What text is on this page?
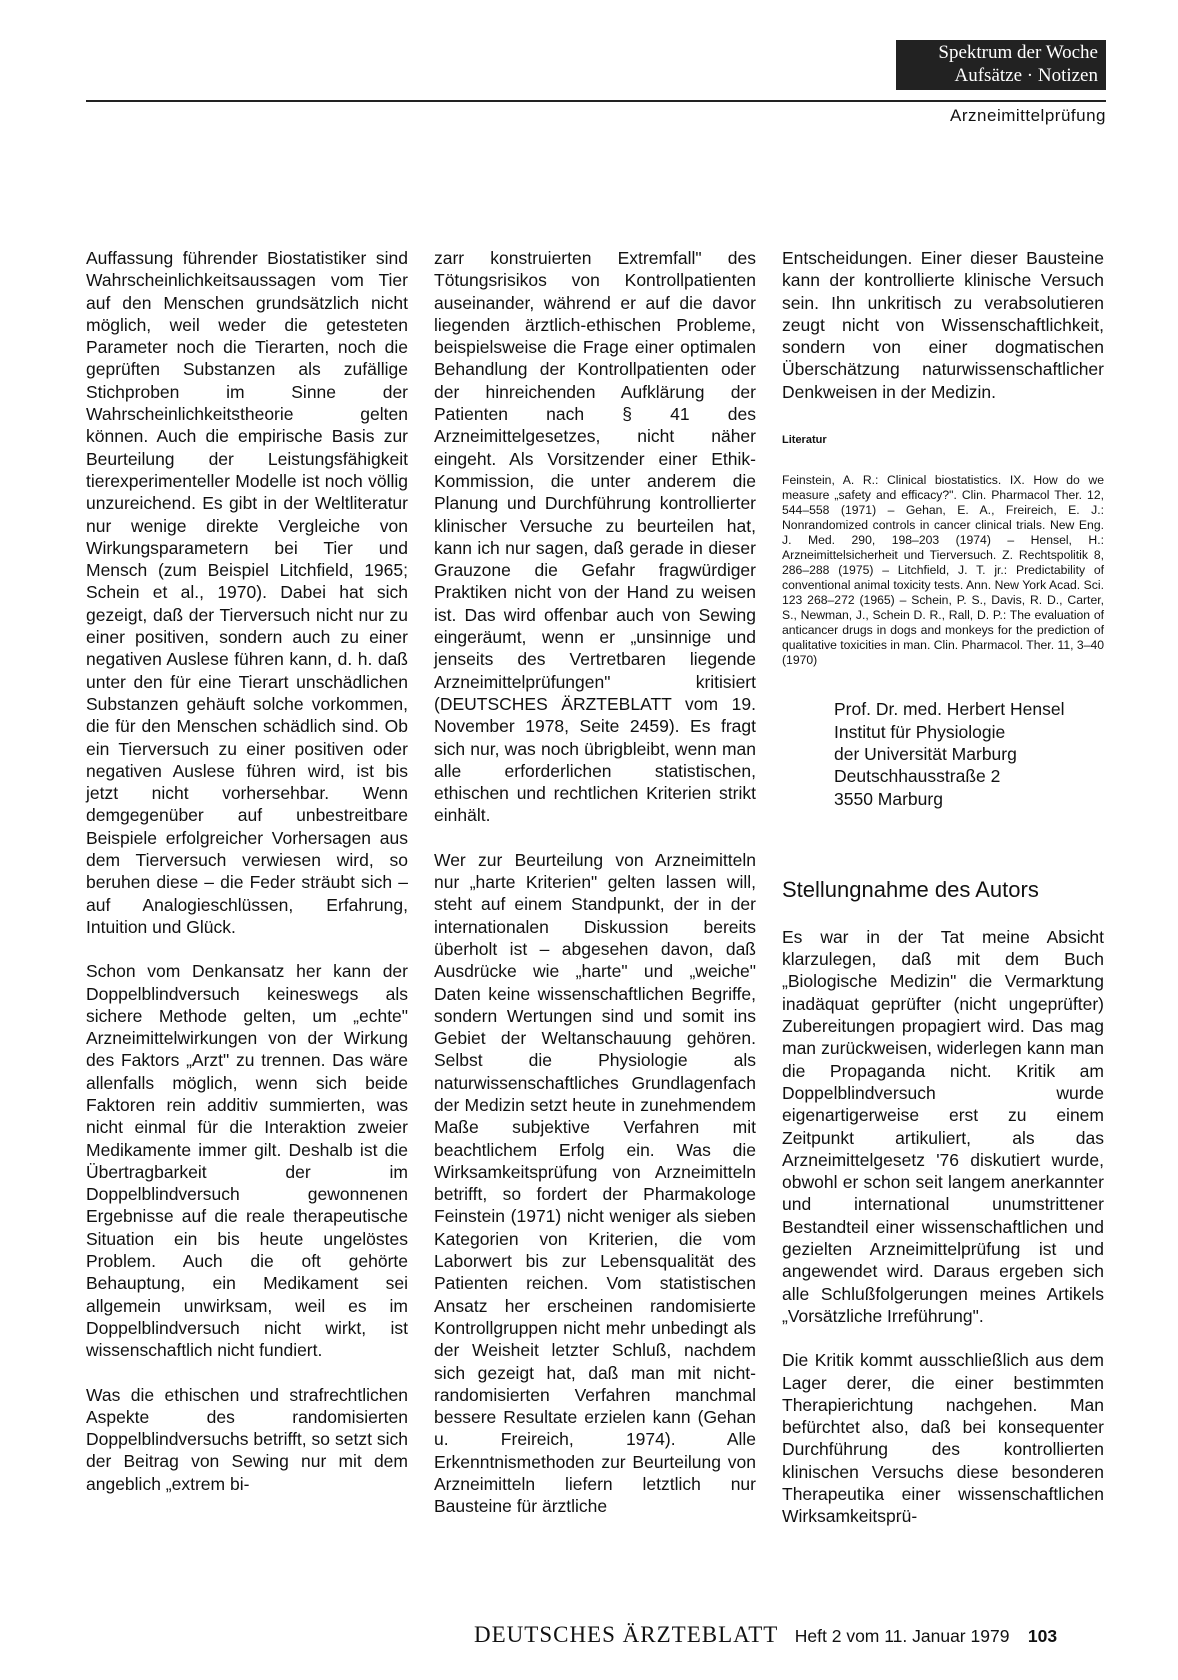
Spektrum der Woche
Aufsätze · Notizen
Arzneimittelprüfung

Auffassung führender Biostatistiker sind Wahrscheinlichkeitsaussagen vom Tier auf den Menschen grundsätzlich nicht möglich, weil weder die getesteten Parameter noch die Tierarten, noch die geprüften Substanzen als zufällige Stichproben im Sinne der Wahrscheinlichkeitstheorie gelten können. Auch die empirische Basis zur Beurteilung der Leistungsfähigkeit tierexperimenteller Modelle ist noch völlig unzureichend. Es gibt in der Weltliteratur nur wenige direkte Vergleiche von Wirkungsparametern bei Tier und Mensch (zum Beispiel Litchfield, 1965; Schein et al., 1970). Dabei hat sich gezeigt, daß der Tierversuch nicht nur zu einer positiven, sondern auch zu einer negativen Auslese führen kann, d. h. daß unter den für eine Tierart unschädlichen Substanzen gehäuft solche vorkommen, die für den Menschen schädlich sind. Ob ein Tierversuch zu einer positiven oder negativen Auslese führen wird, ist bis jetzt nicht vorhersehbar. Wenn demgegenüber auf unbestreitbare Beispiele erfolgreicher Vorhersagen aus dem Tierversuch verwiesen wird, so beruhen diese – die Feder sträubt sich – auf Analogieschlüssen, Erfahrung, Intuition und Glück.

Schon vom Denkansatz her kann der Doppelblindversuch keineswegs als sichere Methode gelten, um „echte" Arzneimittelwirkungen von der Wirkung des Faktors „Arzt" zu trennen. Das wäre allenfalls möglich, wenn sich beide Faktoren rein additiv summierten, was nicht einmal für die Interaktion zweier Medikamente immer gilt. Deshalb ist die Übertragbarkeit der im Doppelblindversuch gewonnenen Ergebnisse auf die reale therapeutische Situation ein bis heute ungelöstes Problem. Auch die oft gehörte Behauptung, ein Medikament sei allgemein unwirksam, weil es im Doppelblindversuch nicht wirkt, ist wissenschaftlich nicht fundiert.

Was die ethischen und strafrechtlichen Aspekte des randomisierten Doppelblindversuchs betrifft, so setzt sich der Beitrag von Sewing nur mit dem angeblich „extrem bi-

zarr konstruierten Extremfall" des Tötungsrisikos von Kontrollpatienten auseinander, während er auf die davor liegenden ärztlich-ethischen Probleme, beispielsweise die Frage einer optimalen Behandlung der Kontrollpatienten oder der hinreichenden Aufklärung der Patienten nach § 41 des Arzneimittelgesetzes, nicht näher eingeht. Als Vorsitzender einer Ethik-Kommission, die unter anderem die Planung und Durchführung kontrollierter klinischer Versuche zu beurteilen hat, kann ich nur sagen, daß gerade in dieser Grauzone die Gefahr fragwürdiger Praktiken nicht von der Hand zu weisen ist. Das wird offenbar auch von Sewing eingeräumt, wenn er „unsinnige und jenseits des Vertretbaren liegende Arzneimittelprüfungen" kritisiert (DEUTSCHES ÄRZTEBLATT vom 19. November 1978, Seite 2459). Es fragt sich nur, was noch übrigbleibt, wenn man alle erforderlichen statistischen, ethischen und rechtlichen Kriterien strikt einhält.

Wer zur Beurteilung von Arzneimitteln nur „harte Kriterien" gelten lassen will, steht auf einem Standpunkt, der in der internationalen Diskussion bereits überholt ist – abgesehen davon, daß Ausdrücke wie „harte" und „weiche" Daten keine wissenschaftlichen Begriffe, sondern Wertungen sind und somit ins Gebiet der Weltanschauung gehören. Selbst die Physiologie als naturwissenschaftliches Grundlagenfach der Medizin setzt heute in zunehmendem Maße subjektive Verfahren mit beachtlichem Erfolg ein. Was die Wirksamkeitsprüfung von Arzneimitteln betrifft, so fordert der Pharmakologe Feinstein (1971) nicht weniger als sieben Kategorien von Kriterien, die vom Laborwert bis zur Lebensqualität des Patienten reichen. Vom statistischen Ansatz her erscheinen randomisierte Kontrollgruppen nicht mehr unbedingt als der Weisheit letzter Schluß, nachdem sich gezeigt hat, daß man mit nicht-randomisierten Verfahren manchmal bessere Resultate erzielen kann (Gehan u. Freireich, 1974). Alle Erkenntnismethoden zur Beurteilung von Arzneimitteln liefern letztlich nur Bausteine für ärztliche

Entscheidungen. Einer dieser Bausteine kann der kontrollierte klinische Versuch sein. Ihn unkritisch zu verabsolutieren zeugt nicht von Wissenschaftlichkeit, sondern von einer dogmatischen Überschätzung naturwissenschaftlicher Denkweisen in der Medizin.

Literatur

Feinstein, A. R.: Clinical biostatistics. IX. How do we measure „safety and efficacy?". Clin. Pharmacol Ther. 12, 544–558 (1971) – Gehan, E. A., Freireich, E. J.: Nonrandomized controls in cancer clinical trials. New Eng. J. Med. 290, 198–203 (1974) – Hensel, H.: Arzneimittelsicherheit und Tierversuch. Z. Rechtspolitik 8, 286–288 (1975) – Litchfield, J. T. jr.: Predictability of conventional animal toxicity tests. Ann. New York Acad. Sci. 123 268–272 (1965) – Schein, P. S., Davis, R. D., Carter, S., Newman, J., Schein D. R., Rall, D. P.: The evaluation of anticancer drugs in dogs and monkeys for the prediction of qualitative toxicities in man. Clin. Pharmacol. Ther. 11, 3–40 (1970)

Prof. Dr. med. Herbert Hensel
Institut für Physiologie
der Universität Marburg
Deutschhausstraße 2
3550 Marburg

Stellungnahme des Autors

Es war in der Tat meine Absicht klarzulegen, daß mit dem Buch „Biologische Medizin" die Vermarktung inadäquat geprüfter (nicht ungeprüfter) Zubereitungen propagiert wird. Das mag man zurückweisen, widerlegen kann man die Propaganda nicht. Kritik am Doppelblindversuch wurde eigenartigerweise erst zu einem Zeitpunkt artikuliert, als das Arzneimittelgesetz '76 diskutiert wurde, obwohl er schon seit langem anerkannter und international unumstrittener Bestandteil einer wissenschaftlichen und gezielten Arzneimittelprüfung ist und angewendet wird. Daraus ergeben sich alle Schlußfolgerungen meines Artikels „Vorsätzliche Irreführung".

Die Kritik kommt ausschließlich aus dem Lager derer, die einer bestimmten Therapierichtung nachgehen. Man befürchtet also, daß bei konsequenter Durchführung des kontrollierten klinischen Versuchs diese besonderen Therapeutika einer wissenschaftlichen Wirksamkeitsprü-

DEUTSCHES ÄRZTEBLATT Heft 2 vom 11. Januar 1979 103
